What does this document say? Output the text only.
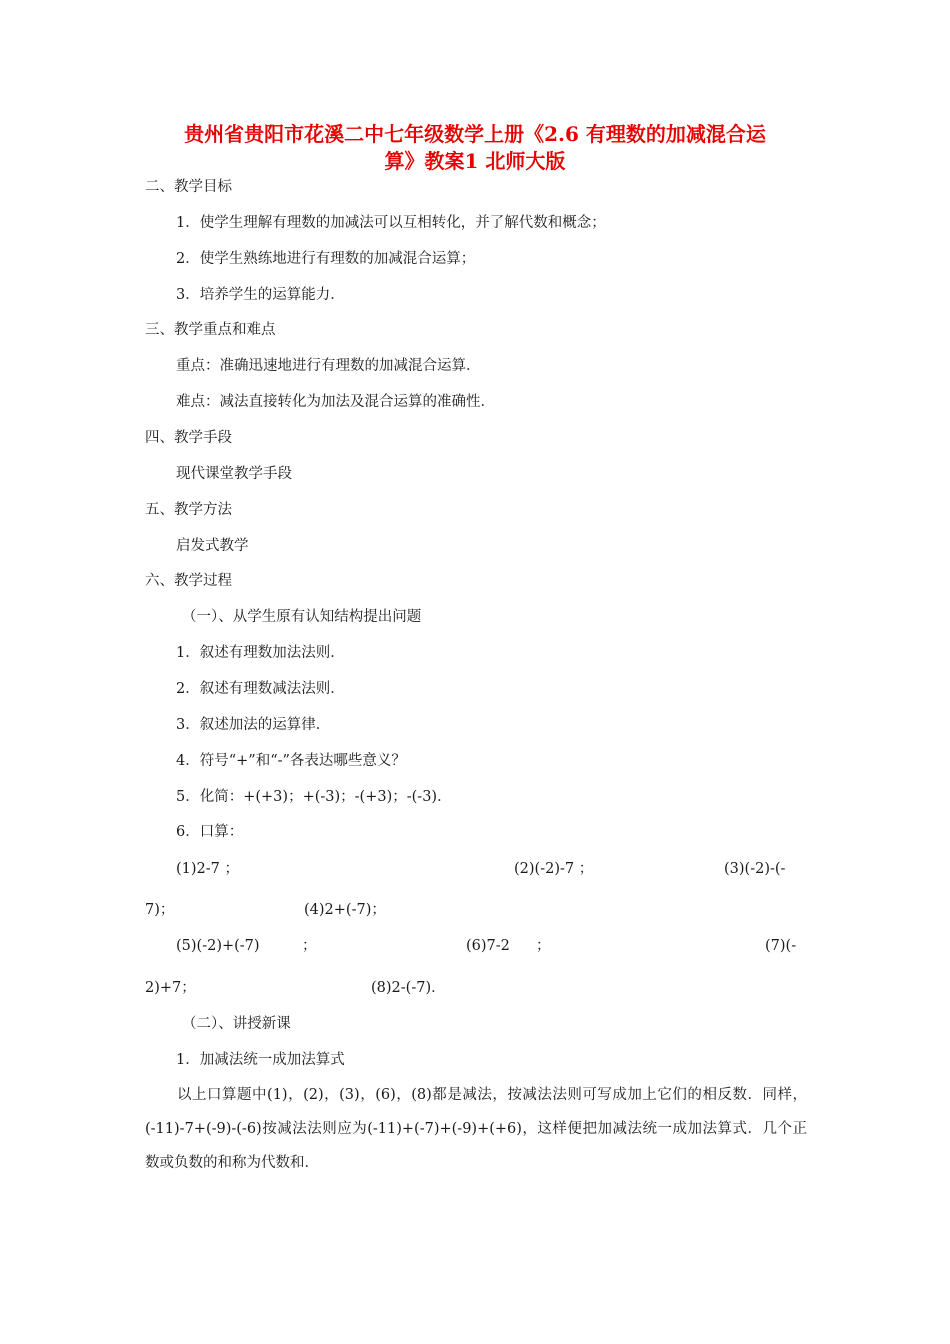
贵州省贵阳市花溪二中七年级数学上册《2.6 有理数的加减混合运
算》教案1 北师大版
二、教学目标
1．使学生理解有理数的加减法可以互相转化，并了解代数和概念；
2．使学生熟练地进行有理数的加减混合运算；
3．培养学生的运算能力．
三、教学重点和难点
重点：准确迅速地进行有理数的加减混合运算．
难点：减法直接转化为加法及混合运算的准确性．
四、教学手段
现代课堂教学手段
五、教学方法
启发式教学
六、教学过程
（一）、从学生原有认知结构提出问题
1．叙述有理数加法法则．
2．叙述有理数减法法则．
3．叙述加法的运算律．
4．符号“+”和“-”各表达哪些意义？
5．化简：+(+3)；+(-3)；-(+3)；-(-3)．
6．口算：
(1)2-7 ；	(2)(-2)-7 ；	(3)(-2)-(-
7)；	(4)2+(-7)；
(5)(-2)+(-7)	；	(6)7-2 ；	(7)(-
2)+7；	(8)2-(-7)．
（二）、讲授新课
1．加减法统一成加法算式

以上口算题中(1)，(2)，(3)，(6)，(8)都是减法，按减法法则可写成加上它们的相反数．同样，(-11)-7+(-9)-(-6)按减法法则应为(-11)+(-7)+(-9)+(+6)，这样便把加减法统一成加法算式．几个正数或负数的和称为代数和．
